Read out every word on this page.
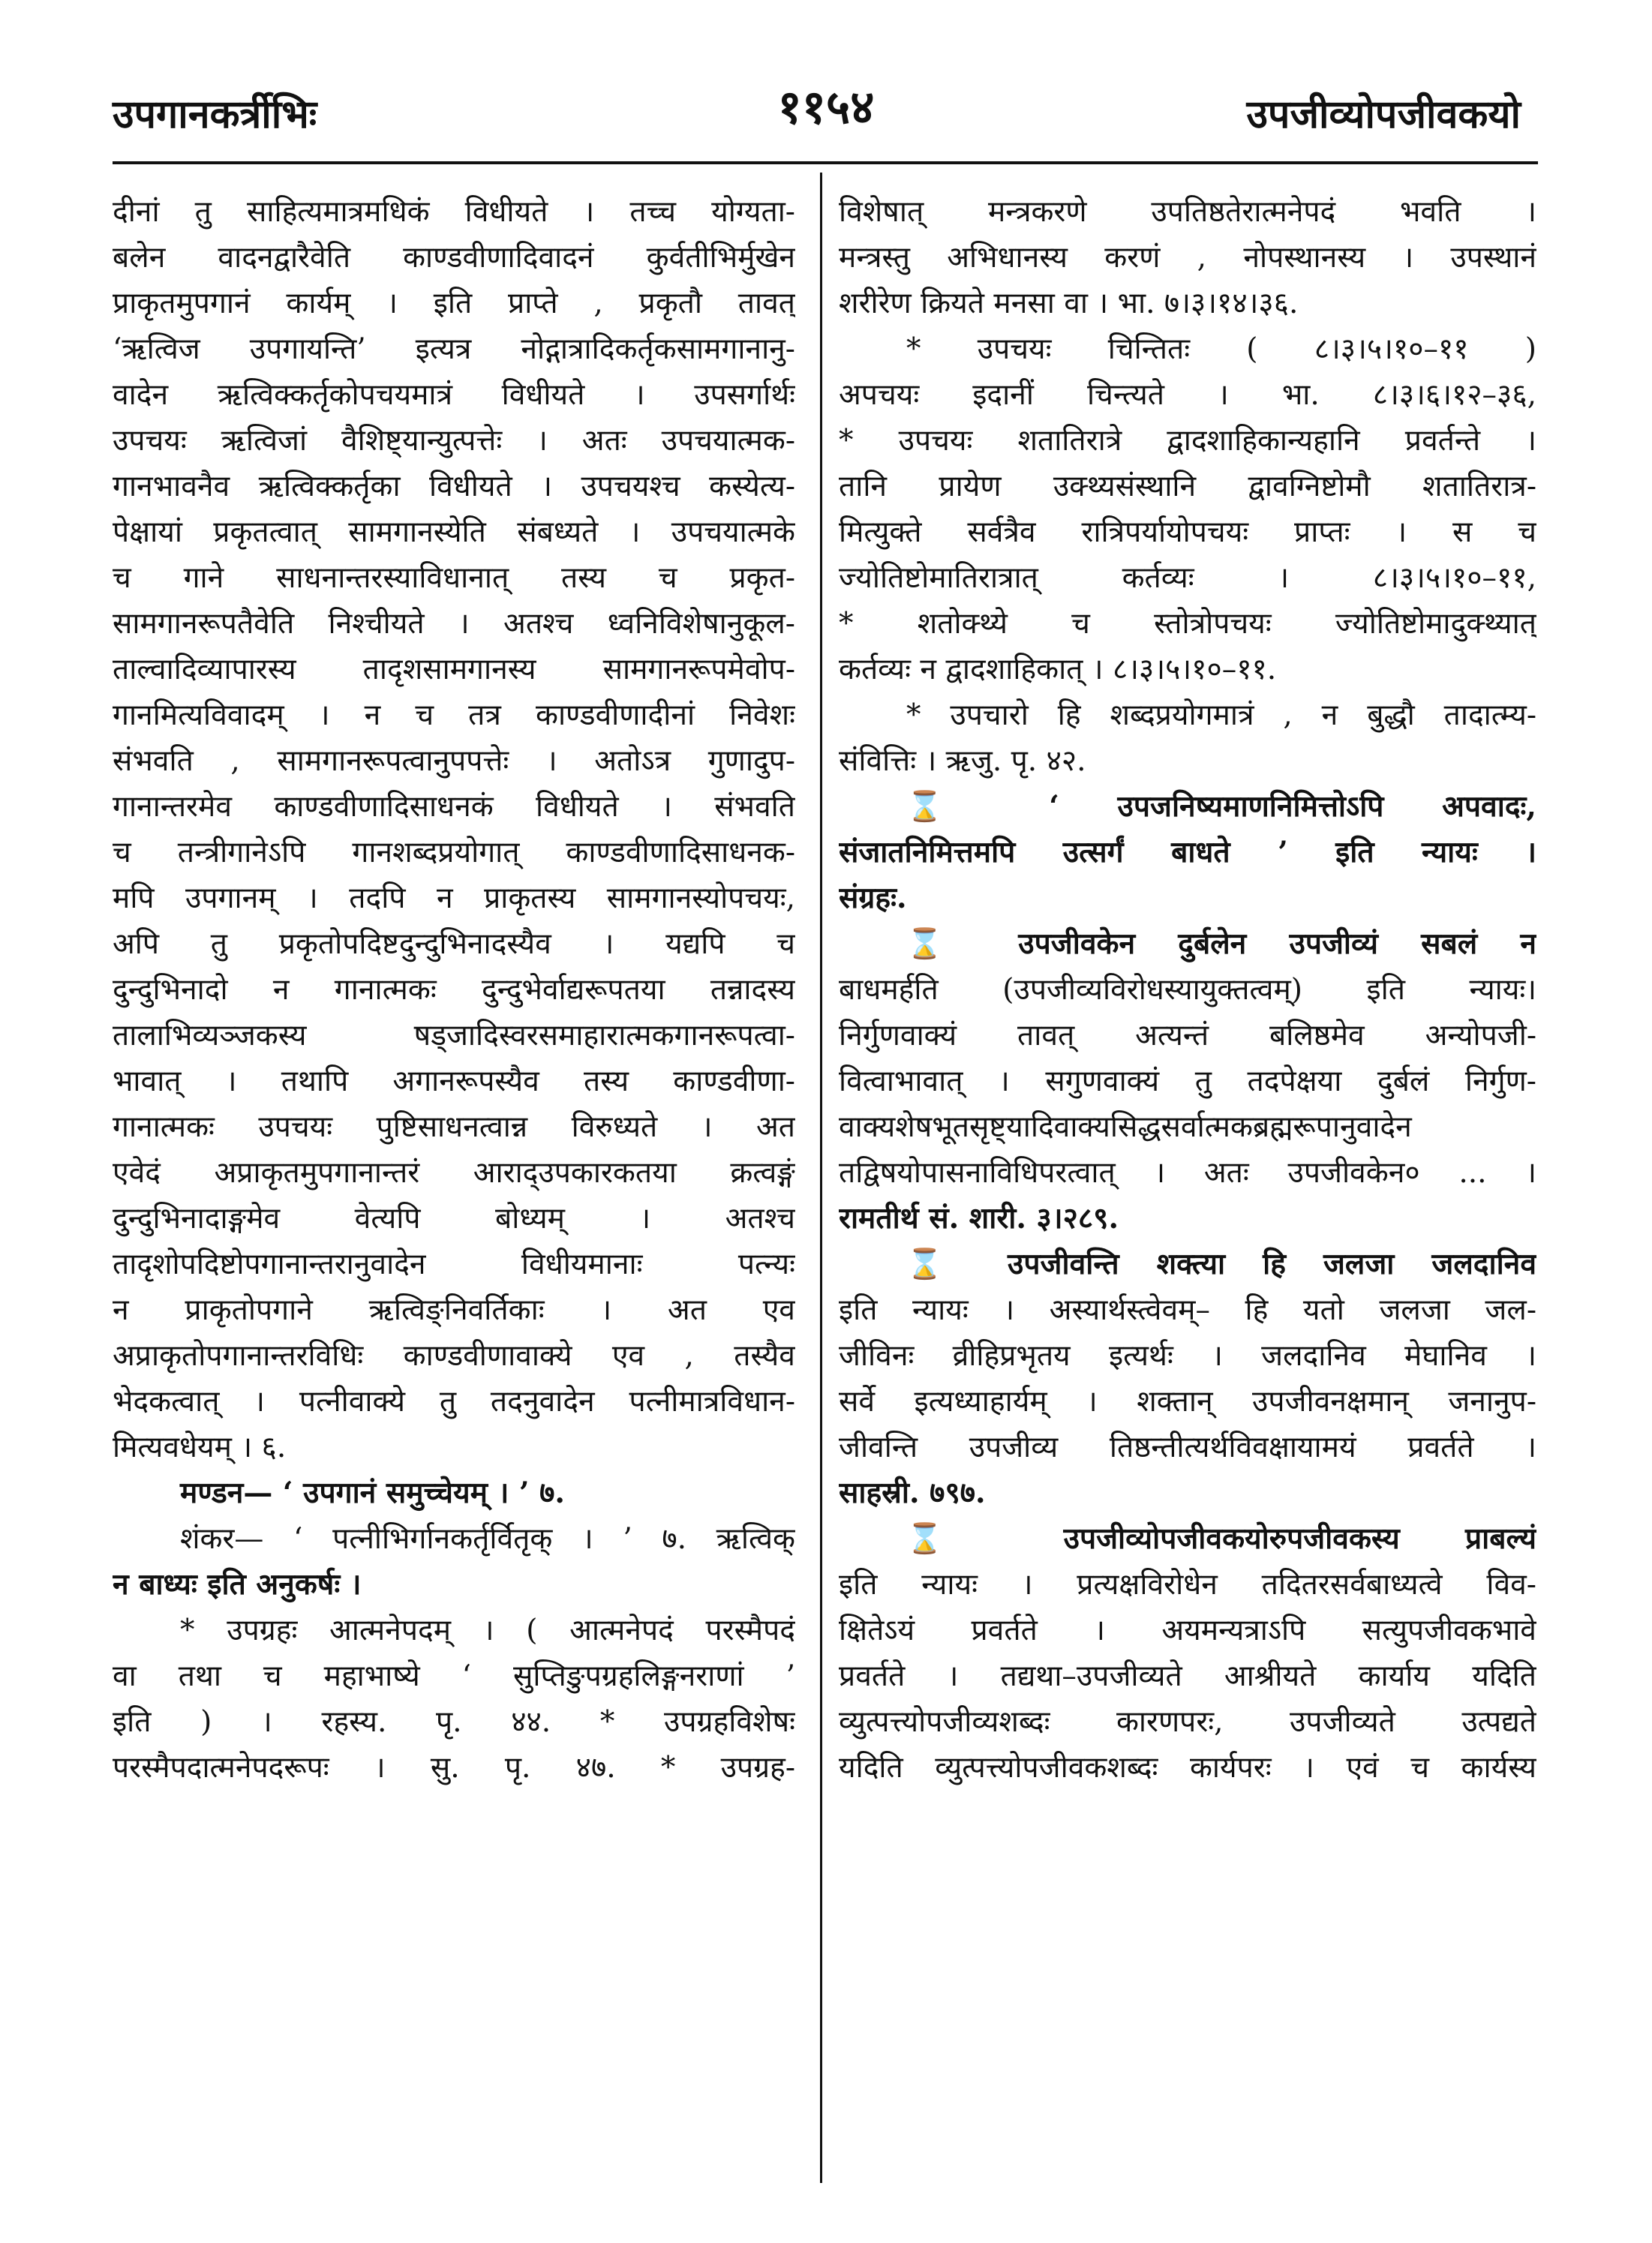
उपगानकर्त्रीभिः	११५४	उपजीव्योपजीवकयो
दीनां तु साहित्यमात्रमधिकं विधीयते । तच्च योग्यता-
बलेन वादनद्वारैवेति काण्डवीणादिवादनं कुर्वतीभिर्मुखेन
प्राकृतमुपगानं कार्यम् । इति प्राप्ते , प्रकृतौ तावत्
‘ऋत्विज उपगायन्ति’ इत्यत्र नोद्गात्रादिकर्तृकसामगानानु-
वादेन ऋत्विक्कर्तृकोपचयमात्रं विधीयते । उपसर्गार्थः
उपचयः ऋत्विजां वैशिष्ट्यान्युत्पत्तेः । अतः उपचयात्मक-
गानभावनैव ऋत्विक्कर्तृका विधीयते । उपचयश्च कस्येत्य-
पेक्षायां प्रकृतत्वात् सामगानस्येति संबध्यते । उपचयात्मके
च गाने साधनान्तरस्याविधानात् तस्य च प्रकृत-
सामगानरूपतैवेति निश्चीयते । अतश्च ध्वनिविशेषानुकूल-
ताल्वादिव्यापारस्य तादृशसामगानस्य सामगानरूपमेवोप-
गानमित्यविवादम् । न च तत्र काण्डवीणादीनां निवेशः
संभवति , सामगानरूपत्वानुपपत्तेः । अतोऽत्र गुणादुप-
गानान्तरमेव काण्डवीणादिसाधनकं विधीयते । संभवति
च तन्त्रीगानेऽपि गानशब्दप्रयोगात् काण्डवीणादिसाधनक-
मपि उपगानम् । तदपि न प्राकृतस्य सामगानस्योपचयः,
अपि तु प्रकृतोपदिष्टदुन्दुभिनादस्यैव । यद्यपि च
दुन्दुभिनादो न गानात्मकः दुन्दुभेर्वाद्यरूपतया तन्नादस्य
तालाभिव्यञ्जकस्य षड्जादिस्वरसमाहारात्मकगानरूपत्वा-
भावात् । तथापि अगानरूपस्यैव तस्य काण्डवीणा-
गानात्मकः उपचयः पुष्टिसाधनत्वान्न विरुध्यते । अत
एवेदं अप्राकृतमुपगानान्तरं आराद्उपकारकतया क्रत्वङ्गं
दुन्दुभिनादाङ्गमेव वेत्यपि बोध्यम् । अतश्च
तादृशोपदिष्टोपगानान्तरानुवादेन विधीयमानाः पत्न्यः
न प्राकृतोपगाने ऋत्विङ्निवर्तिकाः । अत एव
अप्राकृतोपगानान्तरविधिः काण्डवीणावाक्ये एव , तस्यैव
भेदकत्वात् । पत्नीवाक्ये तु तदनुवादेन पत्नीमात्रविधान-
मित्यवधेयम् । ६.
मण्डन— ‘ उपगानं समुच्चेयम् । ’ ७.
शंकर— ‘ पत्नीभिर्गानकर्तृर्वितृक् । ’ ७. ऋत्विक्
न बाध्यः इति अनुकर्षः ।
* उपग्रहः आत्मनेपदम् । ( आत्मनेपदं परस्मैपदं
वा तथा च महाभाष्ये ‘ सुप्तिङुपग्रहलिङ्गनराणां ’
इति ) । रहस्य. पृ. ४४. * उपग्रहविशेषः
परस्मैपदात्मनेपदरूपः । सु. पृ. ४७. * उपग्रह-
विशेषात् मन्त्रकरणे उपतिष्ठतेरात्मनेपदं भवति ।
मन्त्रस्तु अभिधानस्य करणं , नोपस्थानस्य । उपस्थानं
शरीरेण क्रियते मनसा वा । भा. ७।३।१४।३६.
* उपचयः चिन्तितः ( ८।३।५।१०–११ )
अपचयः इदानीं चिन्त्यते । भा. ८।३।६।१२–३६,
* उपचयः शतातिरात्रे द्वादशाहिकान्यहानि प्रवर्तन्ते ।
तानि प्रायेण उक्थ्यसंस्थानि द्वावग्निष्टोमौ शतातिरात्र-
मित्युक्ते सर्वत्रैव रात्रिपर्यायोपचयः प्राप्तः । स च
ज्योतिष्टोमातिरात्रात् कर्तव्यः । ८।३।५।१०–११,
* शतोक्थ्ये च स्तोत्रोपचयः ज्योतिष्टोमादुक्थ्यात्
कर्तव्यः न द्वादशाहिकात् । ८।३।५।१०–११.
* उपचारो हि शब्दप्रयोगमात्रं , न बुद्धौ तादात्म्य-
संवित्तिः । ऋजु. पृ. ४२.
⌛ ‘ उपजनिष्यमाणनिमित्तोऽपि अपवादः,
संजातनिमित्तमपि उत्सर्गं बाधते ’ इति न्यायः ।
संग्रहः.
⌛ उपजीवकेन दुर्बलेन उपजीव्यं सबलं न
बाधमर्हति (उपजीव्यविरोधस्यायुक्तत्वम्) इति न्यायः।
निर्गुणवाक्यं तावत् अत्यन्तं बलिष्ठमेव अन्योपजी-
वित्वाभावात् । सगुणवाक्यं तु तदपेक्षया दुर्बलं निर्गुण-
वाक्यशेषभूतसृष्ट्यादिवाक्यसिद्धसर्वात्मकब्रह्मरूपानुवादेन
तद्विषयोपासनाविधिपरत्वात् । अतः उपजीवकेन० ... ।
रामतीर्थ सं. शारी. ३।२८९.
⌛ उपजीवन्ति शक्त्या हि जलजा जलदानिव
इति न्यायः । अस्यार्थस्त्वेवम्– हि यतो जलजा जल-
जीविनः व्रीहिप्रभृतय इत्यर्थः । जलदानिव मेघानिव ।
सर्वे इत्यध्याहार्यम् । शक्तान् उपजीवनक्षमान् जनानुप-
जीवन्ति उपजीव्य तिष्ठन्तीत्यर्थविवक्षायामयं प्रवर्तते ।
साहस्री. ७९७.
⌛ उपजीव्योपजीवकयोरुपजीवकस्य प्राबल्यं
इति न्यायः । प्रत्यक्षविरोधेन तदितरसर्वबाध्यत्वे विव-
क्षितेऽयं प्रवर्तते । अयमन्यत्राऽपि सत्युपजीवकभावे
प्रवर्तते । तद्यथा–उपजीव्यते आश्रीयते कार्याय यदिति
व्युत्पत्त्योपजीव्यशब्दः कारणपरः, उपजीव्यते उत्पद्यते
यदिति व्युत्पत्त्योपजीवकशब्दः कार्यपरः । एवं च कार्यस्य
